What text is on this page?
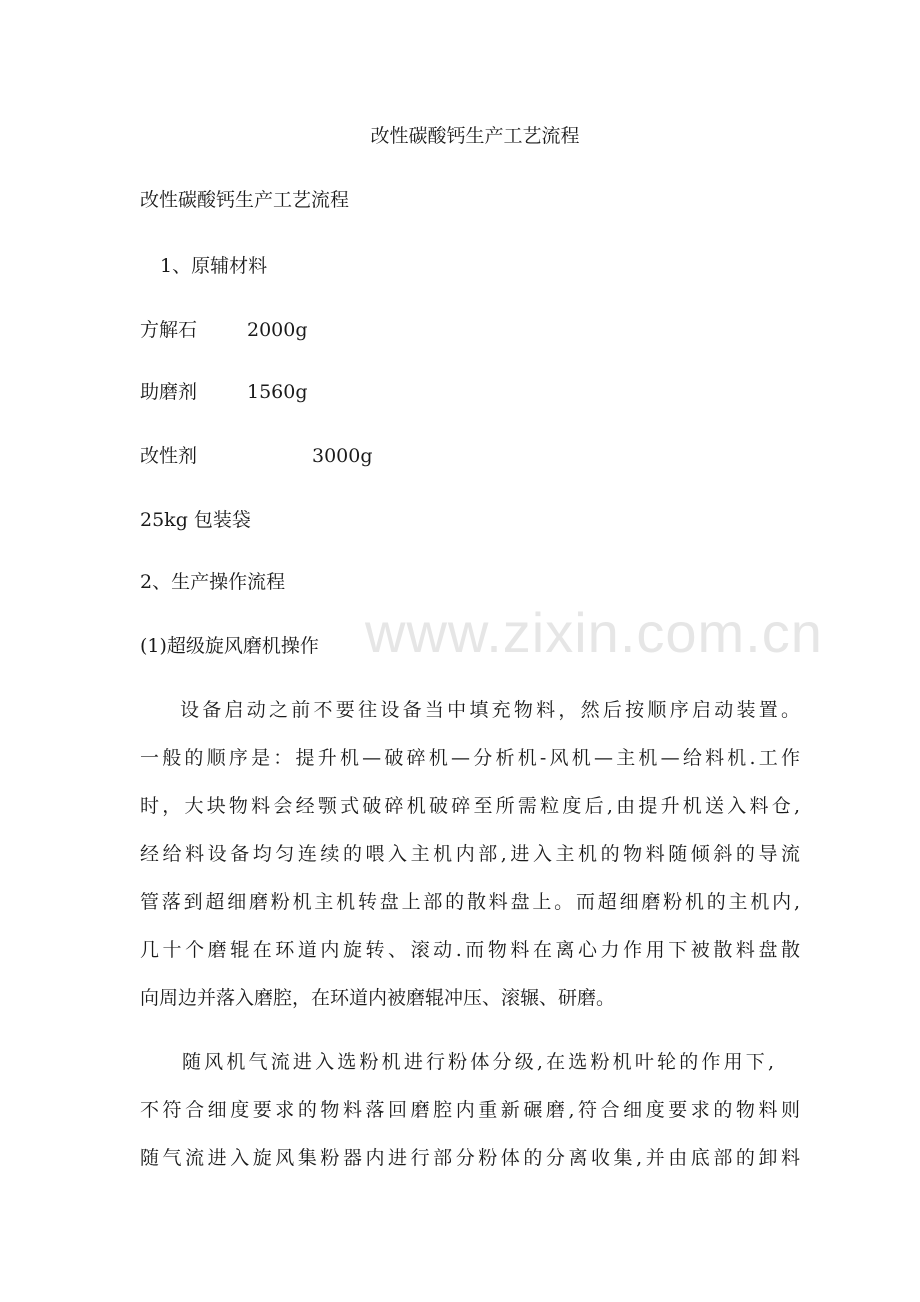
改性碳酸钙生产工艺流程
改性碳酸钙生产工艺流程
1、原辅材料
方解石	2000g
助磨剂	1560g
改性剂	3000g
25kg 包装袋
2、生产操作流程
(1)超级旋风磨机操作 www.zixin.com.cn
设备启动之前不要往设备当中填充物料，然后按顺序启动装置。
一般的顺序是：提升机—破碎机—分析机-风机—主机—给料机.工作
时，大块物料会经颚式破碎机破碎至所需粒度后,由提升机送入料仓,
经给料设备均匀连续的喂入主机内部,进入主机的物料随倾斜的导流
管落到超细磨粉机主机转盘上部的散料盘上。而超细磨粉机的主机内,
几十个磨辊在环道内旋转、滚动.而物料在离心力作用下被散料盘散
向周边并落入磨腔，在环道内被磨辊冲压、滚辗、研磨。
随风机气流进入选粉机进行粉体分级,在选粉机叶轮的作用下,
不符合细度要求的物料落回磨腔内重新碾磨,符合细度要求的物料则
随气流进入旋风集粉器内进行部分粉体的分离收集,并由底部的卸料
